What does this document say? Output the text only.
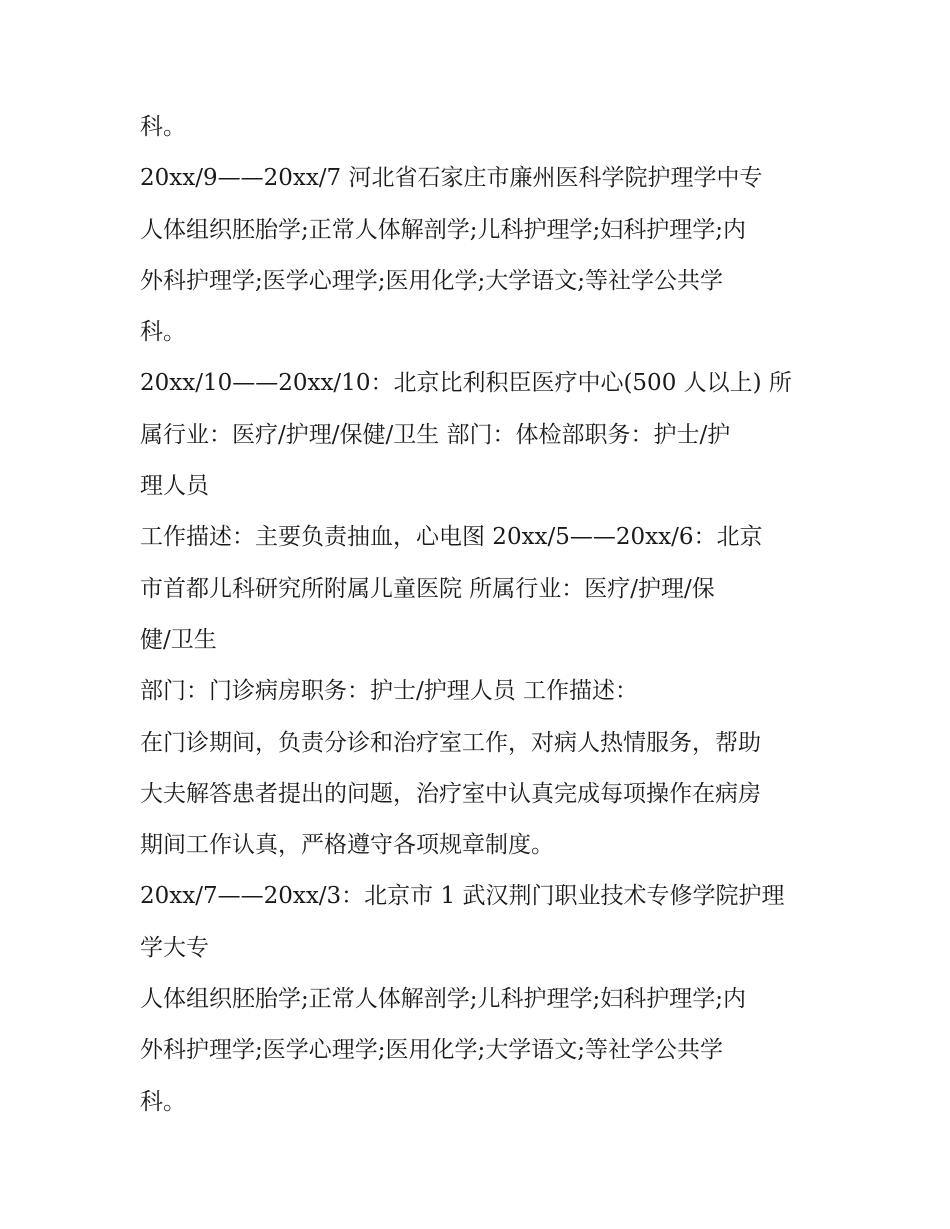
科。
20xx/9——20xx/7 河北省石家庄市廉州医科学院护理学中专
人体组织胚胎学;正常人体解剖学;儿科护理学;妇科护理学;内
外科护理学;医学心理学;医用化学;大学语文;等社学公共学
科。
20xx/10——20xx/10：北京比利积臣医疗中心(500 人以上) 所
属行业：医疗/护理/保健/卫生 部门：体检部职务：护士/护
理人员
工作描述：主要负责抽血，心电图 20xx/5——20xx/6：北京
市首都儿科研究所附属儿童医院 所属行业：医疗/护理/保
健/卫生
部门：门诊病房职务：护士/护理人员 工作描述：
在门诊期间，负责分诊和治疗室工作，对病人热情服务，帮助
大夫解答患者提出的问题，治疗室中认真完成每项操作在病房
期间工作认真，严格遵守各项规章制度。
20xx/7——20xx/3：北京市 1 武汉荆门职业技术专修学院护理
学大专
人体组织胚胎学;正常人体解剖学;儿科护理学;妇科护理学;内
外科护理学;医学心理学;医用化学;大学语文;等社学公共学
科。
